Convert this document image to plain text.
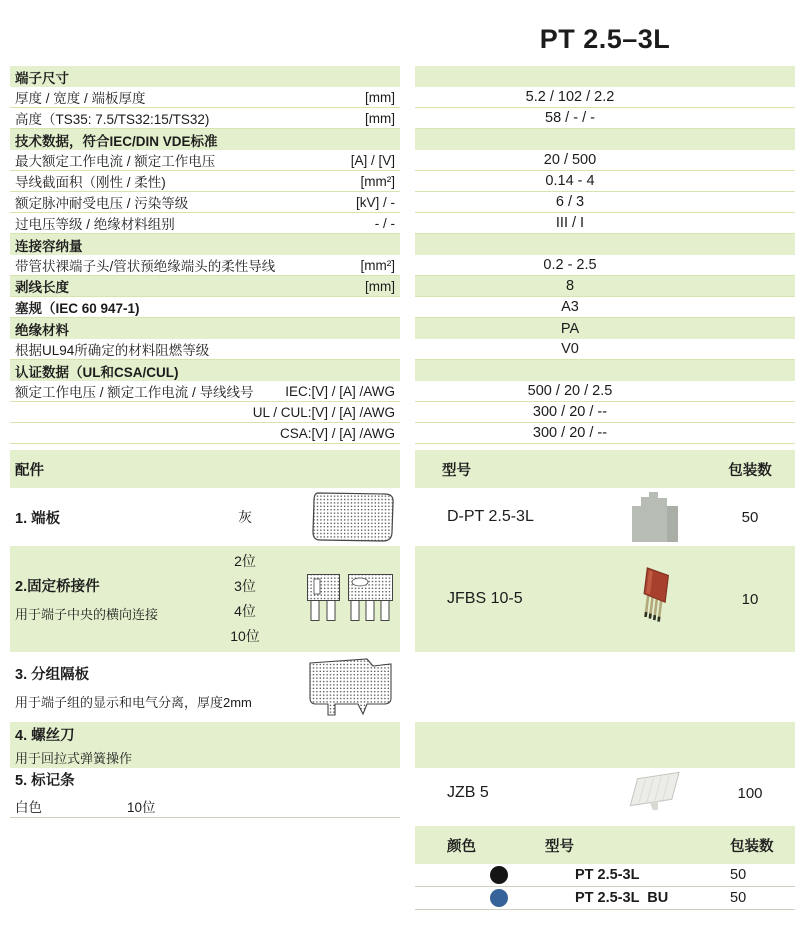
PT 2.5–3L
端子尺寸
厚度 / 宽度 / 端板厚度	[mm]	5.2 / 102 / 2.2
高度（TS35: 7.5/TS32:15/TS32)	[mm]	58 / - / -
技术数据，符合IEC/DIN VDE标准
最大额定工作电流 / 额定工作电压	[A] / [V]	20 / 500
导线截面积（刚性 / 柔性)	[mm²]	0.14 - 4
额定脉冲耐受电压 / 污染等级	[kV] / -	6 / 3
过电压等级 / 绝缘材料组别	- / -	III / I
连接容纳量
带管状裸端子头/管状预绝缘端头的柔性导线	[mm²]	0.2 - 2.5
剥线长度	[mm]	8
塞规（IEC 60 947-1)	A3
绝缘材料	PA
根据UL94所确定的材料阻燃等级	V0
认证数据（UL和CSA/CUL)
额定工作电压 / 额定工作电流 / 导线线号	IEC:[V] / [A] /AWG	500 / 20 / 2.5
UL / CUL:[V] / [A] /AWG	300 / 20 / --
CSA:[V] / [A] /AWG	300 / 20 / --
配件	型号	包装数
1. 端板	灰	D-PT 2.5-3L	50
2.固定桥接件
用于端子中央的横向连接
2位
3位
4位
10位
JFBS 10-5	10
3. 分组隔板
用于端子组的显示和电气分离，厚度2mm
4. 螺丝刀
用于回拉式弹簧操作
5. 标记条
白色	10位
JZB 5	100
颜色	型号	包装数
PT 2.5-3L	50
PT 2.5-3L  BU	50
